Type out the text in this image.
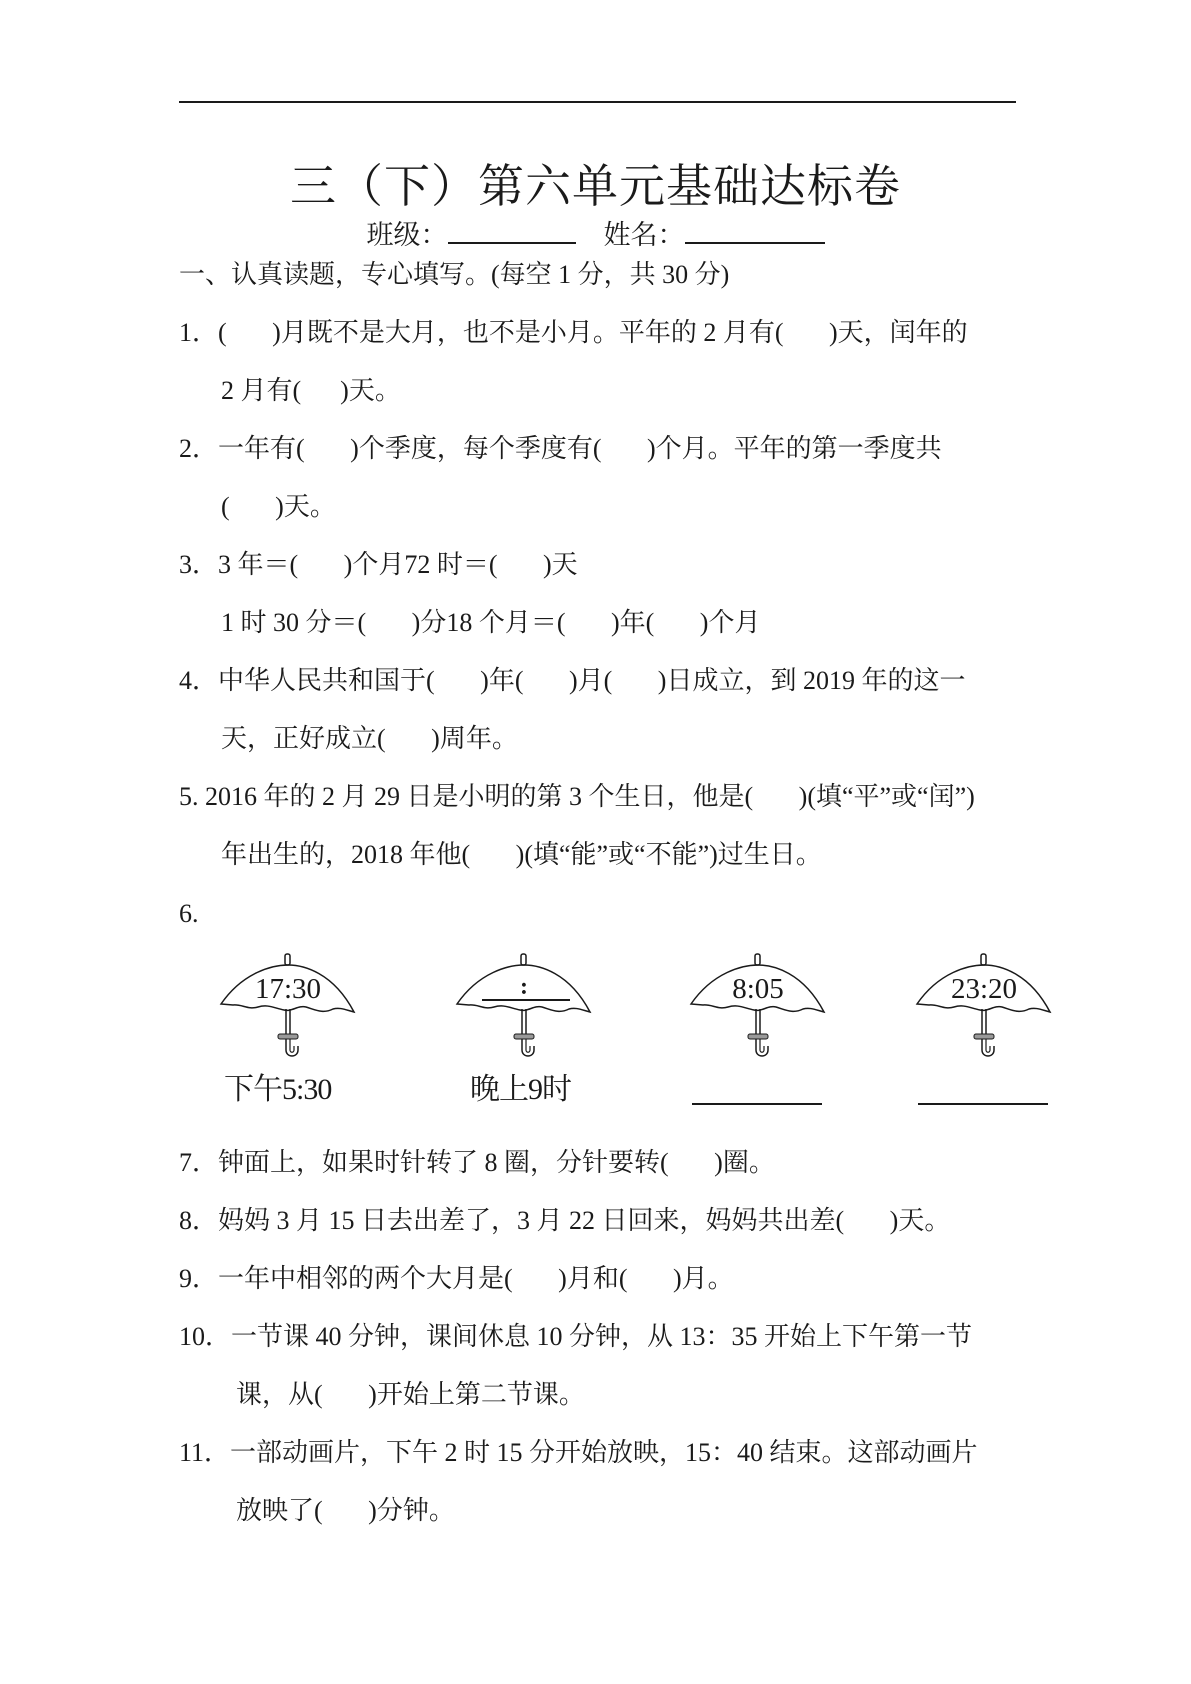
三（下）第六单元基础达标卷
班级：	姓名：
一、认真读题，专心填写。(每空 1 分，共 30 分)
1．(       )月既不是大月，也不是小月。平年的 2 月有(       )天，闰年的
2 月有(      )天。
2．一年有(       )个季度，每个季度有(       )个月。平年的第一季度共
(       )天。
3．3 年＝(       )个月72 时＝(       )天
1 时 30 分＝(       )分18 个月＝(       )年(       )个月
4．中华人民共和国于(       )年(       )月(       )日成立，到 2019 年的这一
天，正好成立(       )周年。
5. 2016 年的 2 月 29 日是小明的第 3 个生日，他是(       )(填“平”或“闰”)
年出生的，2018 年他(       )(填“能”或“不能”)过生日。
6.
17:30
下午5:30
:
晚上9时
8:05	23:20
7．钟面上，如果时针转了 8 圈，分针要转(       )圈。
8．妈妈 3 月 15 日去出差了，3 月 22 日回来，妈妈共出差(       )天。
9．一年中相邻的两个大月是(       )月和(       )月。
10．一节课 40 分钟，课间休息 10 分钟，从 13：35 开始上下午第一节
课，从(       )开始上第二节课。
11．一部动画片，下午 2 时 15 分开始放映，15：40 结束。这部动画片
放映了(       )分钟。
